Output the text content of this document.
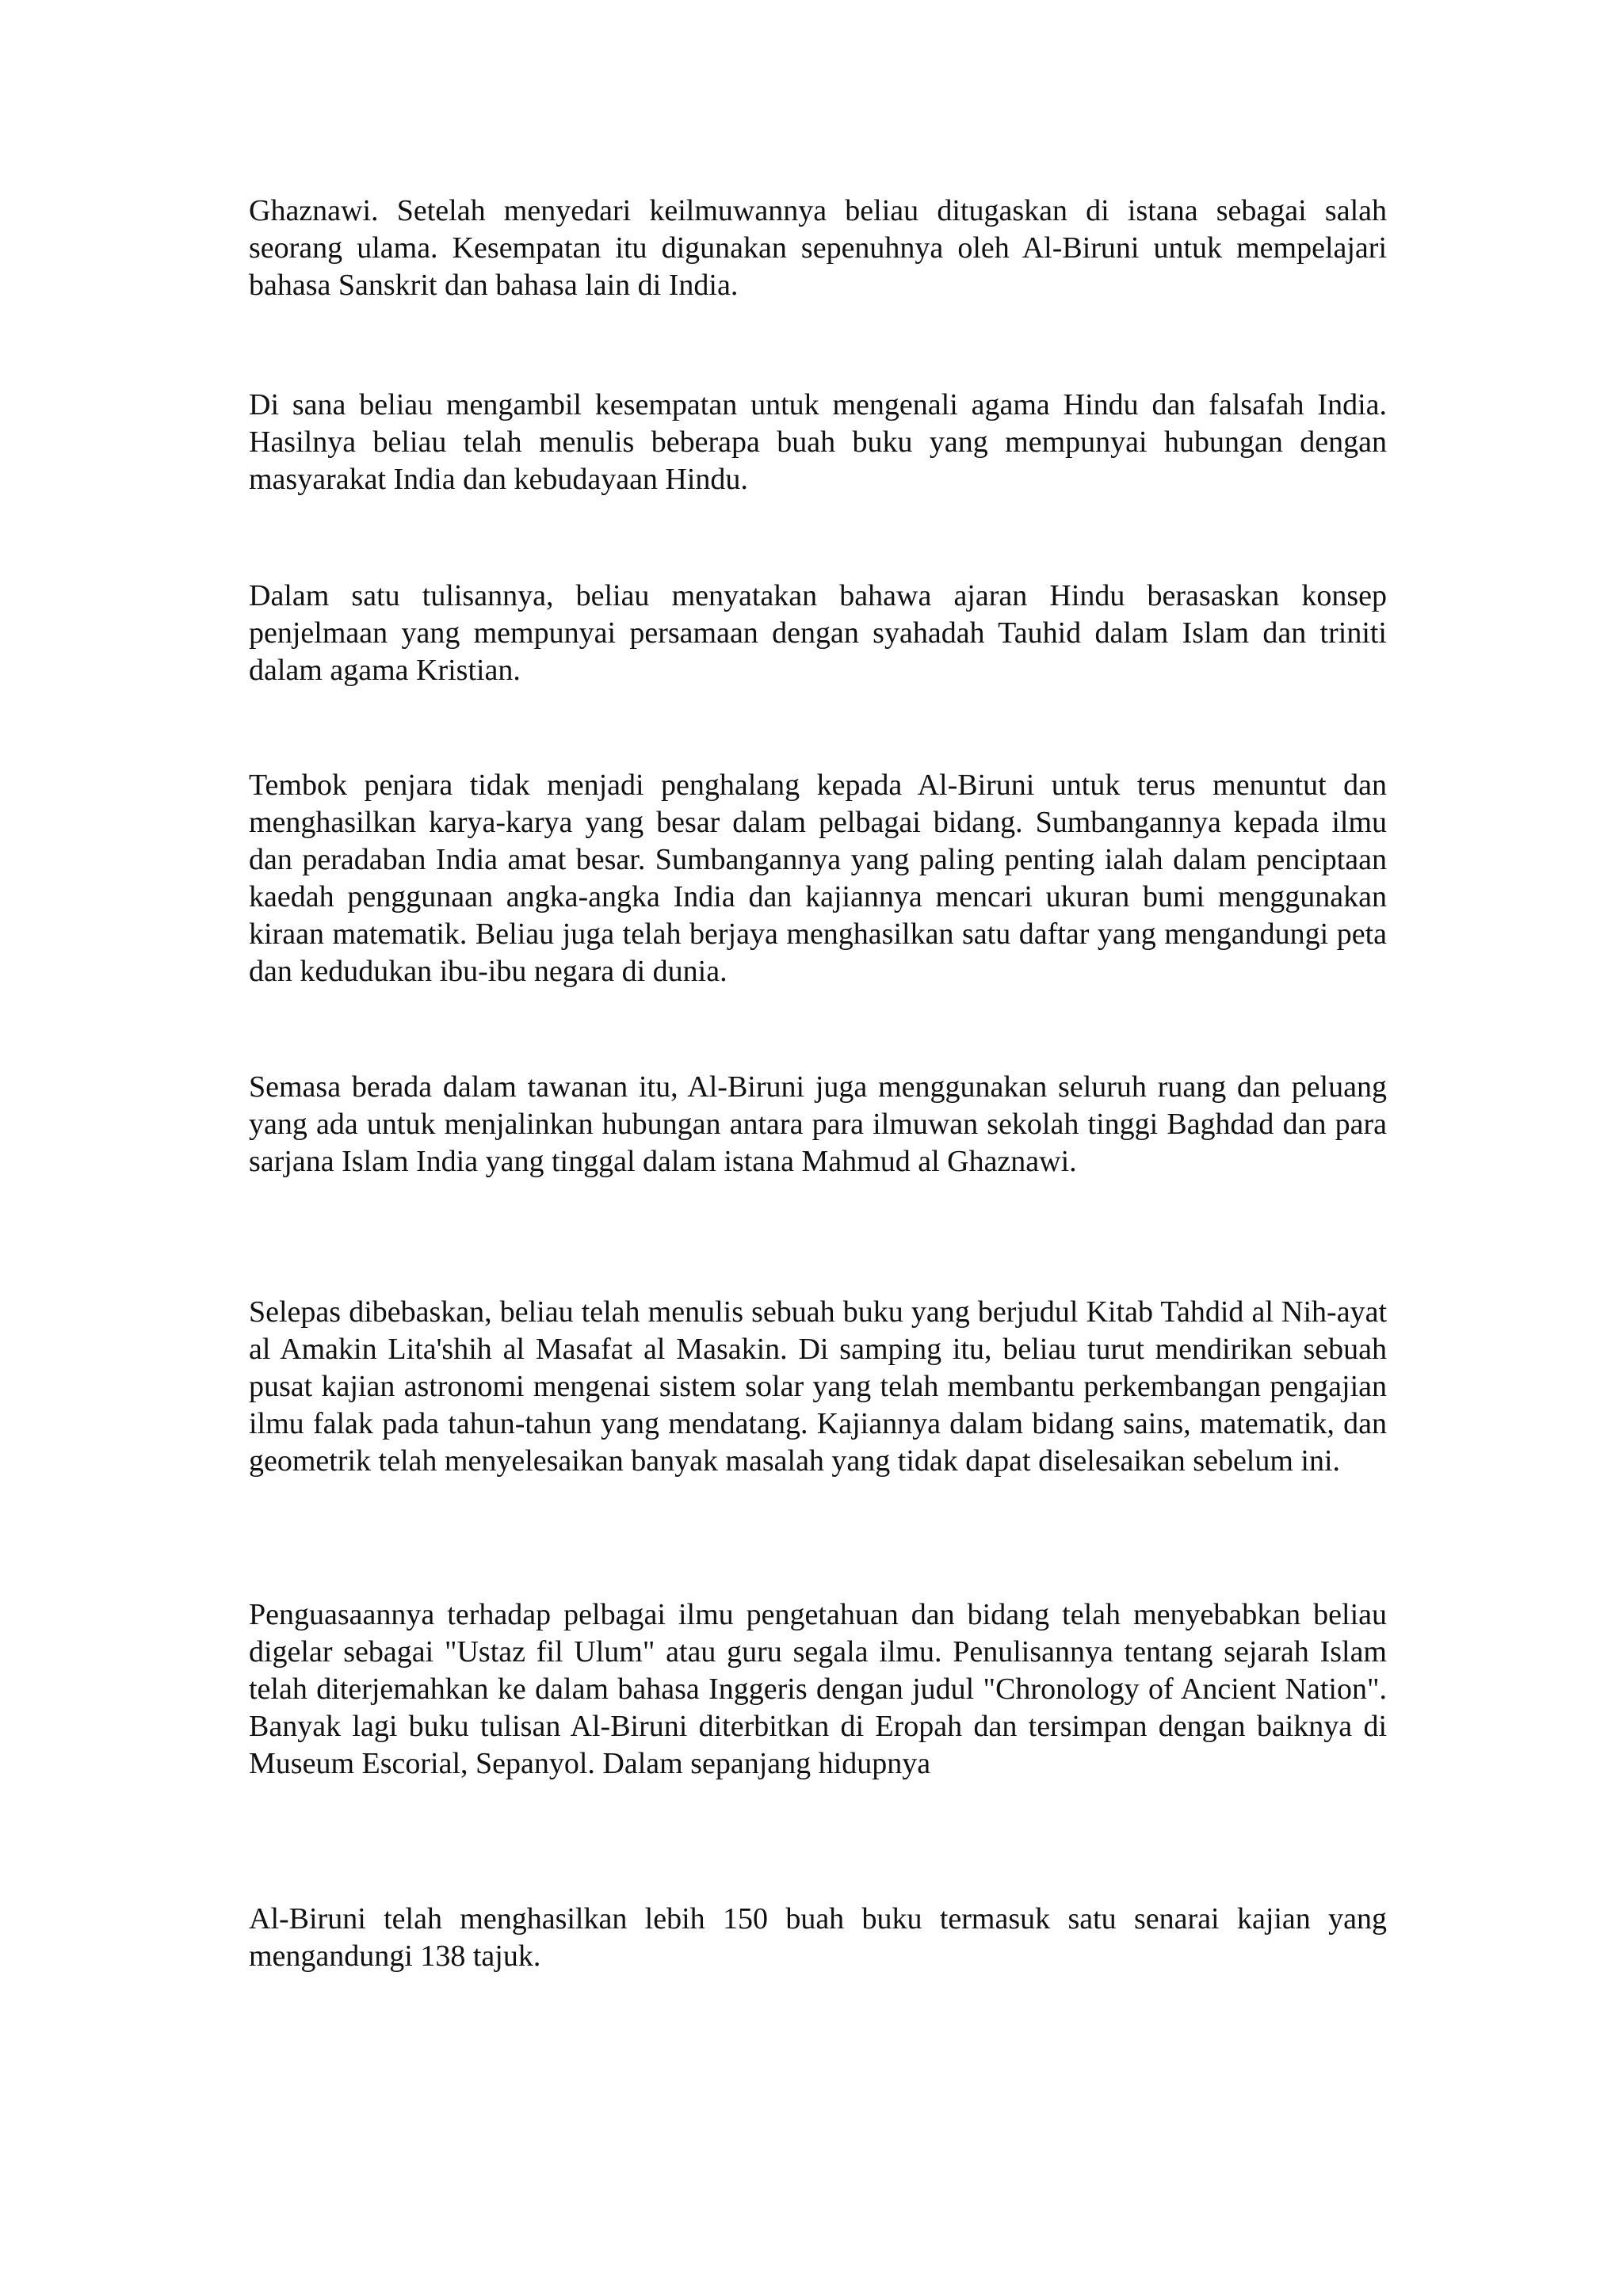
Ghaznawi. Setelah menyedari keilmuwannya beliau ditugaskan di istana sebagai salah seorang ulama. Kesempatan itu digunakan sepenuhnya oleh Al-Biruni untuk mempelajari bahasa Sanskrit dan bahasa lain di India.

Di sana beliau mengambil kesempatan untuk mengenali agama Hindu dan falsafah India. Hasilnya beliau telah menulis beberapa buah buku yang mempunyai hubungan dengan masyarakat India dan kebudayaan Hindu.

Dalam satu tulisannya, beliau menyatakan bahawa ajaran Hindu berasaskan konsep penjelmaan yang mempunyai persamaan dengan syahadah Tauhid dalam Islam dan triniti dalam agama Kristian.

Tembok penjara tidak menjadi penghalang kepada Al-Biruni untuk terus menuntut dan menghasilkan karya-karya yang besar dalam pelbagai bidang. Sumbangannya kepada ilmu dan peradaban India amat besar. Sumbangannya yang paling penting ialah dalam penciptaan kaedah penggunaan angka-angka India dan kajiannya mencari ukuran bumi menggunakan kiraan matematik. Beliau juga telah berjaya menghasilkan satu daftar yang mengandungi peta dan kedudukan ibu-ibu negara di dunia.

Semasa berada dalam tawanan itu, Al-Biruni juga menggunakan seluruh ruang dan peluang yang ada untuk menjalinkan hubungan antara para ilmuwan sekolah tinggi Baghdad dan para sarjana Islam India yang tinggal dalam istana Mahmud al Ghaznawi.

Selepas dibebaskan, beliau telah menulis sebuah buku yang berjudul Kitab Tahdid al Nih-ayat al Amakin Lita'shih al Masafat al Masakin. Di samping itu, beliau turut mendirikan sebuah pusat kajian astronomi mengenai sistem solar yang telah membantu perkembangan pengajian ilmu falak pada tahun-tahun yang mendatang. Kajiannya dalam bidang sains, matematik, dan geometrik telah menyelesaikan banyak masalah yang tidak dapat diselesaikan sebelum ini.

Penguasaannya terhadap pelbagai ilmu pengetahuan dan bidang telah menyebabkan beliau digelar sebagai "Ustaz fil Ulum" atau guru segala ilmu. Penulisannya tentang sejarah Islam telah diterjemahkan ke dalam bahasa Inggeris dengan judul "Chronology of Ancient Nation". Banyak lagi buku tulisan Al-Biruni diterbitkan di Eropah dan tersimpan dengan baiknya di Museum Escorial, Sepanyol. Dalam sepanjang hidupnya

Al-Biruni telah menghasilkan lebih 150 buah buku termasuk satu senarai kajian yang mengandungi 138 tajuk.
